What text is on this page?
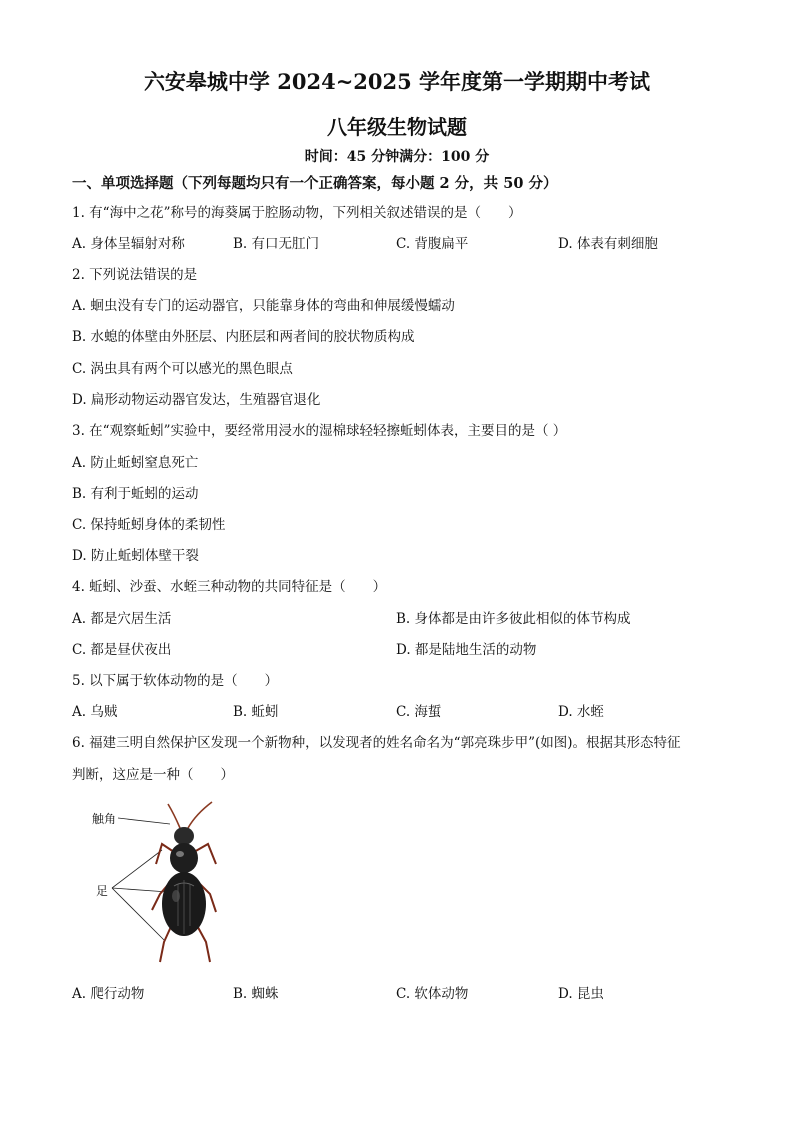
六安皋城中学 2024~2025 学年度第一学期期中考试
八年级生物试题
时间：45 分钟满分：100 分
一、单项选择题（下列每题均只有一个正确答案，每小题 2 分，共 50 分）
1. 有“海中之花”称号的海葵属于腔肠动物，下列相关叙述错误的是（　　）
A. 身体呈辐射对称	B. 有口无肛门	C. 背腹扁平	D. 体表有刺细胞
2. 下列说法错误的是
A. 蛔虫没有专门的运动器官，只能靠身体的弯曲和伸展缓慢蠕动
B. 水螅的体壁由外胚层、内胚层和两者间的胶状物质构成
C. 涡虫具有两个可以感光的黑色眼点
D. 扁形动物运动器官发达，生殖器官退化
3. 在“观察蚯蚓”实验中，要经常用浸水的湿棉球轻轻擦蚯蚓体表，主要目的是（ ）
A. 防止蚯蚓窒息死亡
B. 有利于蚯蚓的运动
C. 保持蚯蚓身体的柔韧性
D. 防止蚯蚓体壁干裂
4. 蚯蚓、沙蚕、水蛭三种动物的共同特征是（　　）
A. 都是穴居生活	B. 身体都是由许多彼此相似的体节构成
C. 都是昼伏夜出	D. 都是陆地生活的动物
5. 以下属于软体动物的是（　　）
A. 乌贼	B. 蚯蚓	C. 海蜇	D. 水蛭
6. 福建三明自然保护区发现一个新物种，以发现者的姓名命名为“郭亮珠步甲”(如图)。根据其形态特征
判断，这应是一种（　　）
触角
足
A. 爬行动物	B. 蜘蛛	C. 软体动物	D. 昆虫
